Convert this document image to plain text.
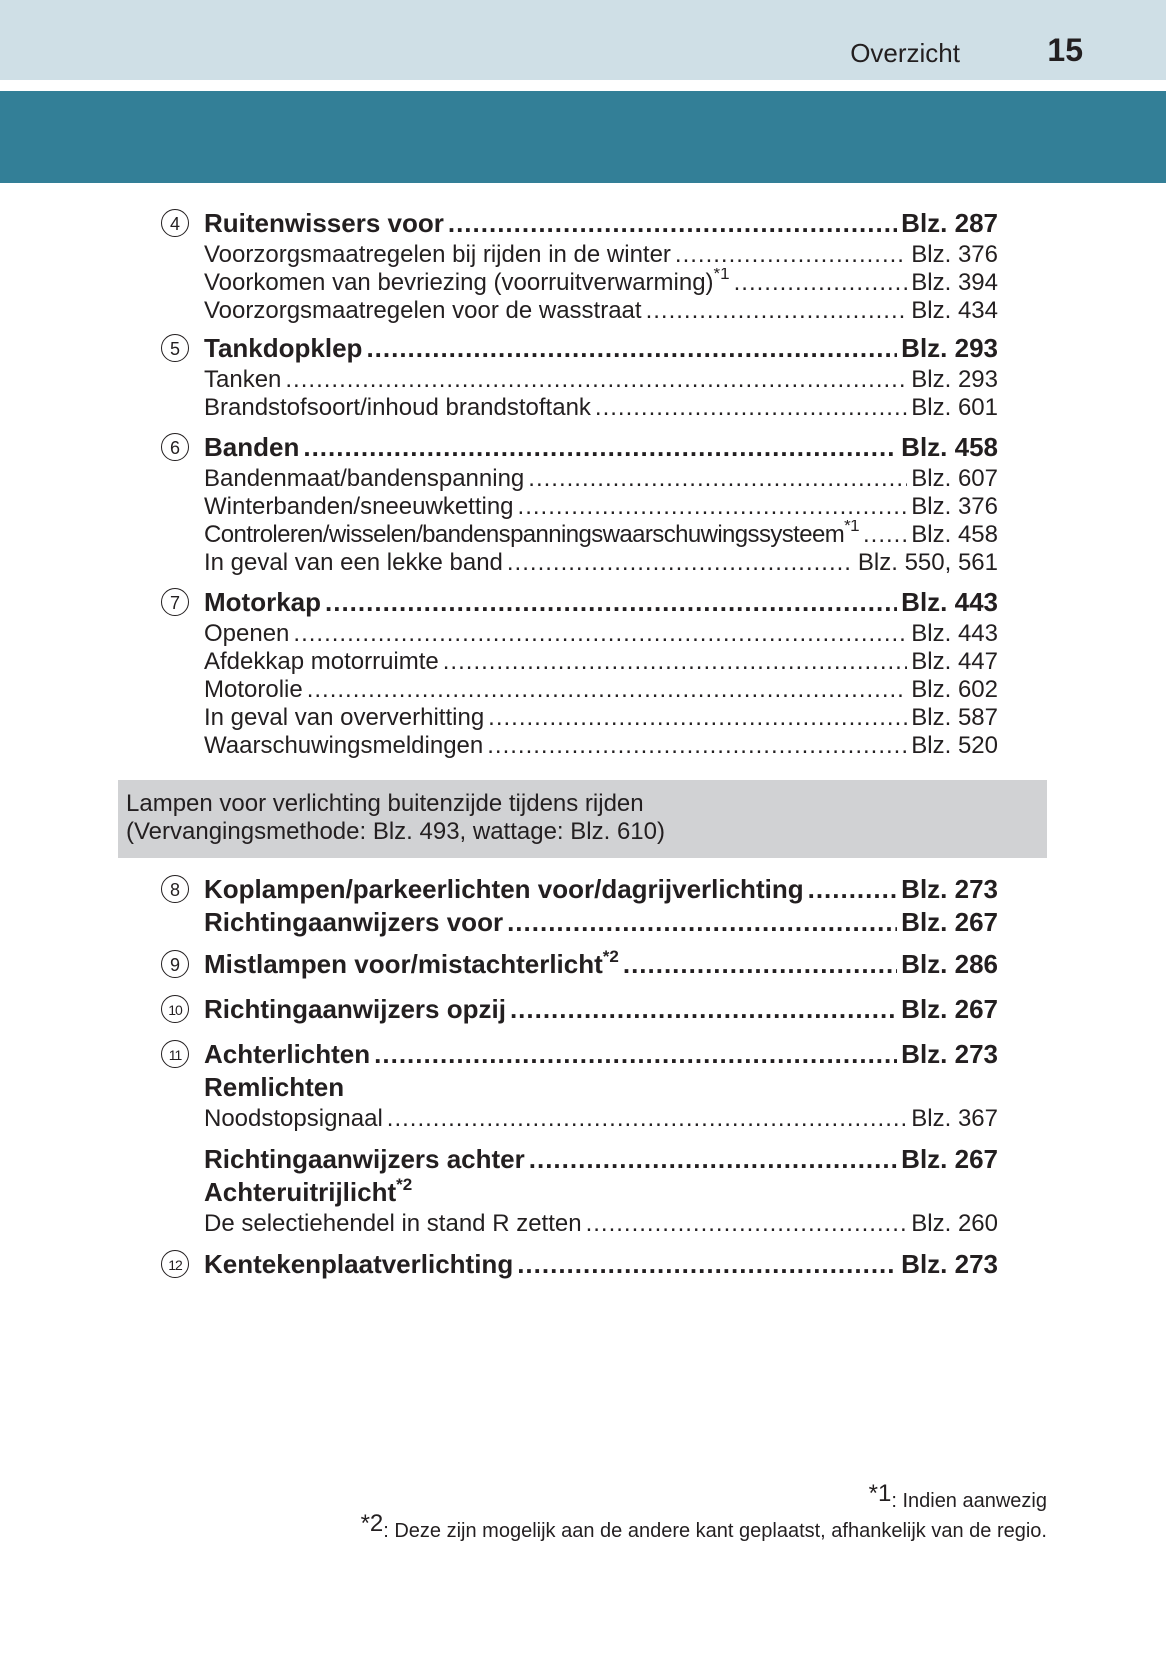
Overzicht	15
4 Ruitenwissers voor .....	Blz. 287
Voorzorgsmaatregelen bij rijden in de winter .....	Blz. 376
Voorkomen van bevriezing (voorruitverwarming)$^{*1}$ .....	Blz. 394
Voorzorgsmaatregelen voor de wasstraat .....	Blz. 434
5 Tankdopklep .....	Blz. 293
Tanken .....	Blz. 293
Brandstofsoort/inhoud brandstoftank .....	Blz. 601
6 Banden .....	Blz. 458
Bandenmaat/bandenspanning .....	Blz. 607
Winterbanden/sneeuwketting .....	Blz. 376
Controleren/wisselen/bandenspanningswaarschuwingssysteem$^{*1}$ ..... Blz. 458
In geval van een lekke band .....	Blz. 550, 561
7 Motorkap .....	Blz. 443
Openen .....	Blz. 443
Afdekkap motorruimte .....	Blz. 447
Motorolie .....	Blz. 602
In geval van oververhitting .....	Blz. 587
Waarschuwingsmeldingen .....	Blz. 520
Lampen voor verlichting buitenzijde tijdens rijden
(Vervangingsmethode: Blz. 493, wattage: Blz. 610)
8 Koplampen/parkeerlichten voor/dagrijverlichting .....	Blz. 273
Richtingaanwijzers voor .....	Blz. 267
9 Mistlampen voor/mistachterlicht$^{*2}$ .....	Blz. 286
10 Richtingaanwijzers opzij .....	Blz. 267
11 Achterlichten .....	Blz. 273
Remlichten
Noodstopsignaal .....	Blz. 367
Richtingaanwijzers achter .....	Blz. 267
Achteruitrijlicht$^{*2}$
De selectiehendel in stand R zetten .....	Blz. 260
12 Kentekenplaatverlichting .....	Blz. 273
*1: Indien aanwezig
*2: Deze zijn mogelijk aan de andere kant geplaatst, afhankelijk van de regio.
